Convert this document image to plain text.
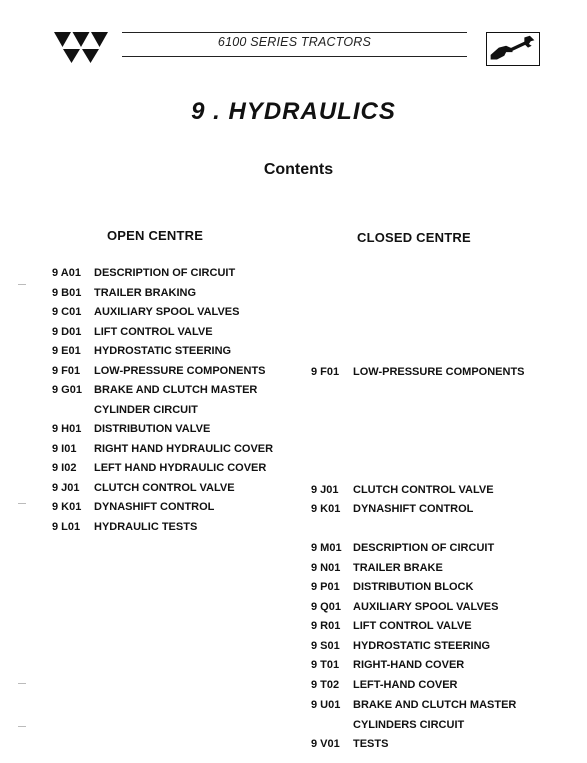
6100 SERIES TRACTORS
9 . HYDRAULICS
Contents
OPEN CENTRE	CLOSED CENTRE
9 A01 DESCRIPTION OF CIRCUIT
9 B01 TRAILER BRAKING
9 C01 AUXILIARY SPOOL VALVES
9 D01 LIFT CONTROL VALVE
9 E01 HYDROSTATIC STEERING
9 F01 LOW-PRESSURE COMPONENTS
9 G01 BRAKE AND CLUTCH MASTER
CYLINDER CIRCUIT
9 H01 DISTRIBUTION VALVE
9 I01 RIGHT HAND HYDRAULIC COVER
9 I02 LEFT HAND HYDRAULIC COVER
9 J01 CLUTCH CONTROL VALVE
9 K01 DYNASHIFT CONTROL
9 L01 HYDRAULIC TESTS
9 F01 LOW-PRESSURE COMPONENTS
9 J01 CLUTCH CONTROL VALVE
9 K01 DYNASHIFT CONTROL
9 M01 DESCRIPTION OF CIRCUIT
9 N01 TRAILER BRAKE
9 P01 DISTRIBUTION BLOCK
9 Q01 AUXILIARY SPOOL VALVES
9 R01 LIFT CONTROL VALVE
9 S01 HYDROSTATIC STEERING
9 T01 RIGHT-HAND COVER
9 T02 LEFT-HAND COVER
9 U01 BRAKE AND CLUTCH MASTER
CYLINDERS CIRCUIT
9 V01 TESTS
